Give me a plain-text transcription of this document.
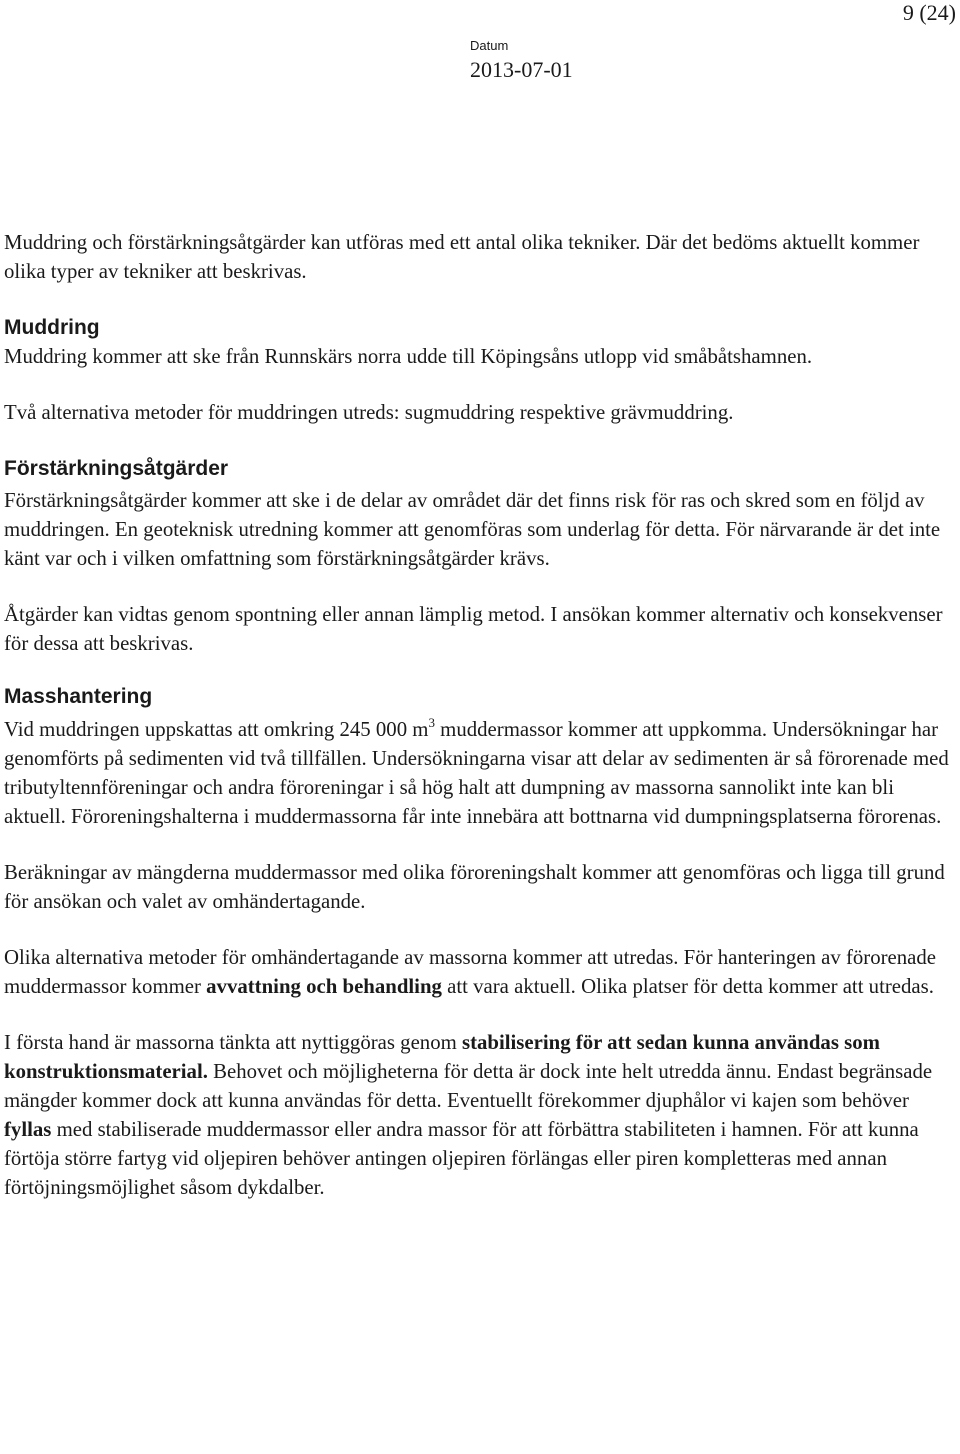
9 (24)
Datum
2013-07-01

Muddring och förstärkningsåtgärder kan utföras med ett antal olika tekniker. Där det bedöms aktuellt kommer olika typer av tekniker att beskrivas.

Muddring

Muddring kommer att ske från Runnskärs norra udde till Köpingsåns utlopp vid småbåtshamnen.

Två alternativa metoder för muddringen utreds: sugmuddring respektive grävmuddring.

Förstärkningsåtgärder

Förstärkningsåtgärder kommer att ske i de delar av området där det finns risk för ras och skred som en följd av muddringen. En geoteknisk utredning kommer att genomföras som underlag för detta. För närvarande är det inte känt var och i vilken omfattning som förstärkningsåtgärder krävs.

Åtgärder kan vidtas genom spontning eller annan lämplig metod. I ansökan kommer alternativ och konsekvenser för dessa att beskrivas.

Masshantering

Vid muddringen uppskattas att omkring 245 000 $m^3$ muddermassor kommer att uppkomma. Undersökningar har genomförts på sedimenten vid två tillfällen. Undersökningarna visar att delar av sedimenten är så förorenade med tributyltennföreningar och andra föroreningar i så hög halt att dumpning av massorna sannolikt inte kan bli aktuell. Föroreningshalterna i muddermassorna får inte innebära att bottnarna vid dumpningsplatserna förorenas.

Beräkningar av mängderna muddermassor med olika föroreningshalt kommer att genomföras och ligga till grund för ansökan och valet av omhändertagande.

Olika alternativa metoder för omhändertagande av massorna kommer att utredas. För hanteringen av förorenade muddermassor kommer avvattning och behandling att vara aktuell. Olika platser för detta kommer att utredas.

I första hand är massorna tänkta att nyttiggöras genom stabilisering för att sedan kunna användas som konstruktionsmaterial. Behovet och möjligheterna för detta är dock inte helt utredda ännu. Endast begränsade mängder kommer dock att kunna användas för detta. Eventuellt förekommer djuphålor vi kajen som behöver fyllas med stabiliserade muddermassor eller andra massor för att förbättra stabiliteten i hamnen. För att kunna förtöja större fartyg vid oljepiren behöver antingen oljepiren förlängas eller piren kompletteras med annan förtöjningsmöjlighet såsom dykdalber.
